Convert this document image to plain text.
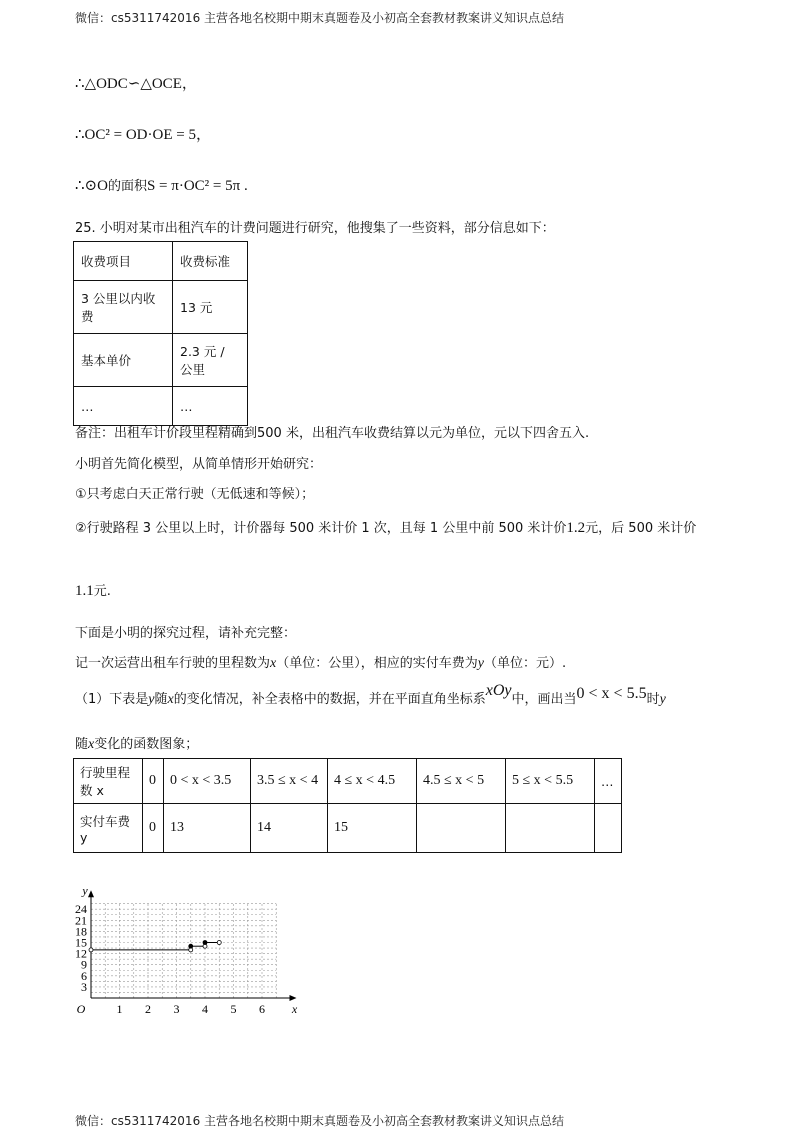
微信：cs5311742016 主营各地名校期中期末真题卷及小初高全套教材教案讲义知识点总结
∴△ODC∽△OCE，
∴OC² = OD·OE = 5，
∴⊙O的面积S = π·OC² = 5π .
25. 小明对某市出租汽车的计费问题进行研究，他搜集了一些资料，部分信息如下：
收费项目	收费标准
3 公里以内收费	13 元
基本单价	2.3 元 / 公里
…	…
备注：出租车计价段里程精确到500 米，出租汽车收费结算以元为单位，元以下四舍五入.
小明首先简化模型，从简单情形开始研究：
①只考虑白天正常行驶（无低速和等候）；
②行驶路程 3 公里以上时，计价器每 500 米计价 1 次，且每 1 公里中前 500 米计价1.2元，后 500 米计价
1.1元.
下面是小明的探究过程，请补充完整：
记一次运营出租车行驶的里程数为x（单位：公里），相应的实付车费为y（单位：元）.
（1）下表是y随x的变化情况，补全表格中的数据，并在平面直角坐标系xOy中，画出当0 < x < 5.5时y
随x变化的函数图象；
行驶里程数 x	0	0 < x < 3.5	3.5 ≤ x < 4	4 ≤ x < 4.5	4.5 ≤ x < 5	5 ≤ x < 5.5	…
实付车费 y	0	13	14	15			
1 2 3 4 5 6
3
6
9
12
15
18
21
24
O	x
y
微信：cs5311742016 主营各地名校期中期末真题卷及小初高全套教材教案讲义知识点总结
